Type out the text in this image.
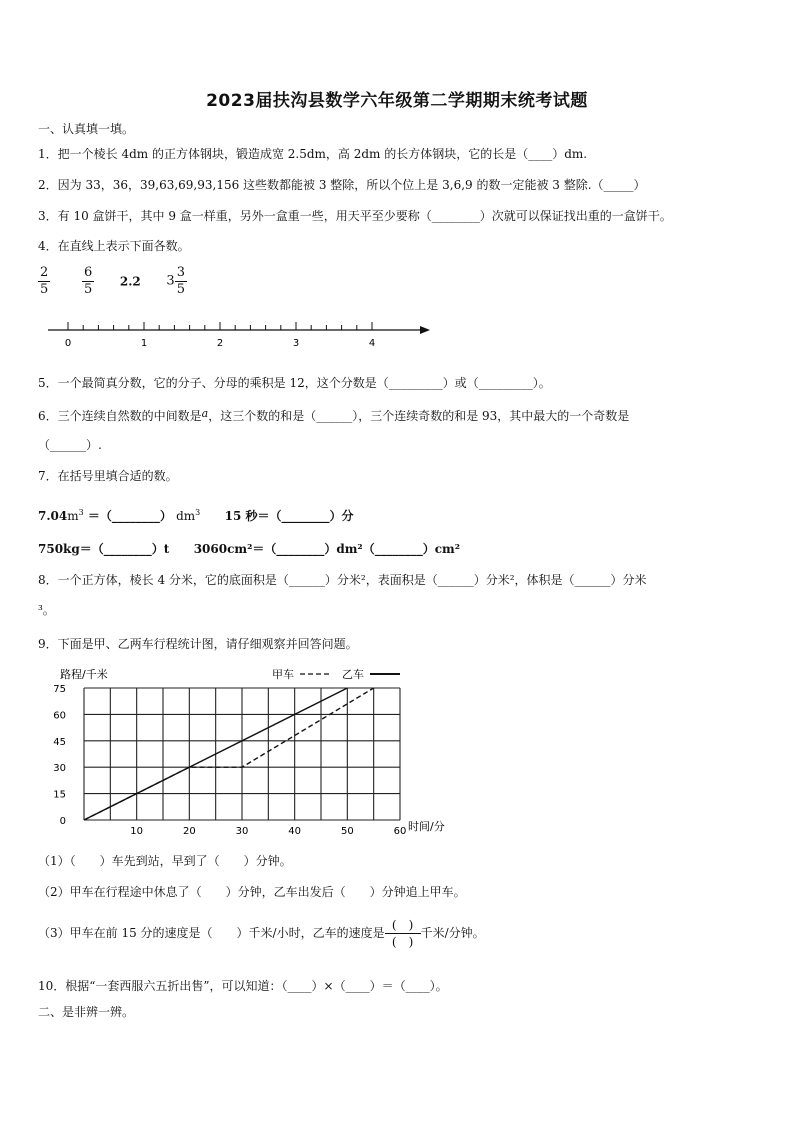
2023届扶沟县数学六年级第二学期期末统考试题
一、认真填一填。
1．把一个棱长 4dm 的正方体钢块，锻造成宽 2.5dm，高 2dm 的长方体钢块，它的长是（____）dm.
2．因为 33，36，39,63,69,93,156 这些数都能被 3 整除，所以个位上是 3,6,9 的数一定能被 3 整除.（_____）
3．有 10 盒饼干，其中 9 盒一样重，另外一盒重一些，用天平至少要称（________）次就可以保证找出重的一盒饼干。
4．在直线上表示下面各数。
$\frac{2}{5}$
$\frac{6}{5} 2.2$ $3 \frac{3}{5}$
0	1	2	3	4
5．一个最简真分数，它的分子、分母的乘积是 12，这个分数是（_________）或（_________）。
6．三个连续自然数的中间数是a，这三个数的和是（______），三个连续奇数的和是 93，其中最大的一个奇数是
（______）.
7．在括号里填合适的数。
$7.04m^3$ ＝（________） $dm^3$ 15 秒＝（________）分
750kg＝（________）t 3060cm²＝（________）dm²（________）cm²
8．一个正方体，棱长 4 分米，它的底面积是（______）分米²，表面积是（______）分米²，体积是（______）分米
³。
9．下面是甲、乙两车行程统计图，请仔细观察并回答问题。
0
15
30
45
60
75
10	20	30	40	50	60
甲车	乙车
路程/千米
时间/分
（1）（　　）车先到站，早到了（　　）分钟。
（2）甲车在行程途中休息了（　　）分钟，乙车出发后（　　）分钟追上甲车。
（3）甲车在前 15 分的速度是（　　）千米/小时，乙车的速度是 $\frac{( )}{( )}$ 千米/分钟。
10．根据“一套西服六五折出售”，可以知道：（____）×（____）＝（____）。
二、是非辨一辨。
